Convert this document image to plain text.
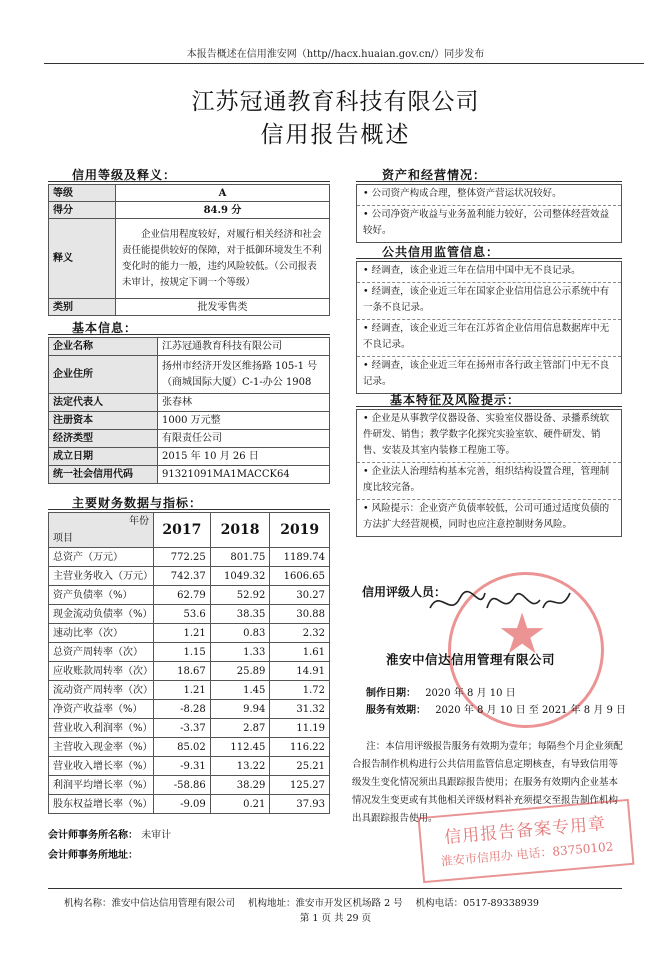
本报告概述在信用淮安网（http//hacx.huaian.gov.cn/）同步发布
江苏冠通教育科技有限公司
信用报告概述
信用等级及释义：
等级	A
得分	84.9 分
释义	企业信用程度较好，对履行相关经济和社会责任能提供较好的保障，对于抵御环境发生不利变化时的能力一般，违约风险较低。（公司报表未审计，按规定下调一个等级）
类别	批发零售类
基本信息：
企业名称	江苏冠通教育科技有限公司
企业住所	扬州市经济开发区维扬路 105-1 号（商城国际大厦）C-1-办公 1908
法定代表人	张春林
注册资本	1000 万元整
经济类型	有限责任公司
成立日期	2015 年 10 月 26 日
统一社会信用代码	91321091MA1MACCK64
主要财务数据与指标：
年份
项目	2017	2018	2019
总资产（万元）	772.25	801.75	1189.74
主营业务收入（万元）	742.37	1049.32	1606.65
资产负债率（%）	62.79	52.92	30.27
现金流动负债率（%）	53.6	38.35	30.88
速动比率（次）	1.21	0.83	2.32
总资产周转率（次）	1.15	1.33	1.61
应收账款周转率（次）	18.67	25.89	14.91
流动资产周转率（次）	1.21	1.45	1.72
净资产收益率（%）	-8.28	9.94	31.32
营业收入利润率（%）	-3.37	2.87	11.19
主营收入现金率（%）	85.02	112.45	116.22
营业收入增长率（%）	-9.31	13.22	25.21
利润平均增长率（%）	-58.86	38.29	125.27
股东权益增长率（%）	-9.09	0.21	37.93
会计师事务所名称： 未审计
会计师事务所地址：
资产和经营情况：

• 公司资产构成合理，整体资产营运状况较好。

• 公司净资产收益与业务盈利能力较好，公司整体经营效益较好。

公共信用监管信息：

• 经调查，该企业近三年在信用中国中无不良记录。

• 经调查，该企业近三年在国家企业信用信息公示系统中有一条不良记录。

• 经调查，该企业近三年在江苏省企业信用信息数据库中无不良记录。

• 经调查，该企业近三年在扬州市各行政主管部门中无不良记录。

基本特征及风险提示：

• 企业是从事教学仪器设备、实验室仪器设备、录播系统软件研发、销售；教学数字化探究实验室软、硬件研发、销售、安装及其室内装修工程施工等。

• 企业法人治理结构基本完善，组织结构设置合理，管理制度比较完备。

• 风险提示：企业资产负债率较低，公司可通过适度负债的方法扩大经营规模，同时也应注意控制财务风险。

★
信用评级人员：
淮安中信达信用管理有限公司
制作日期： 2020 年 8 月 10 日
服务有效期： 2020 年 8 月 10 日 至 2021 年 8 月 9 日
注：本信用评级报告服务有效期为壹年；每隔叁个月企业须配合报告制作机构进行公共信用监管信息定期核查，有导致信用等级发生变化情况须出具跟踪报告使用；在服务有效期内企业基本情况发生变更或有其他相关评级材料补充须提交至报告制作机构出具跟踪报告使用。 信用报告备案专用章
淮安市信用办 电话：83750102
机构名称：淮安中信达信用管理有限公司 机构地址：淮安市开发区机场路 2 号 机构电话：0517-89338939
第 1 页 共 29 页
